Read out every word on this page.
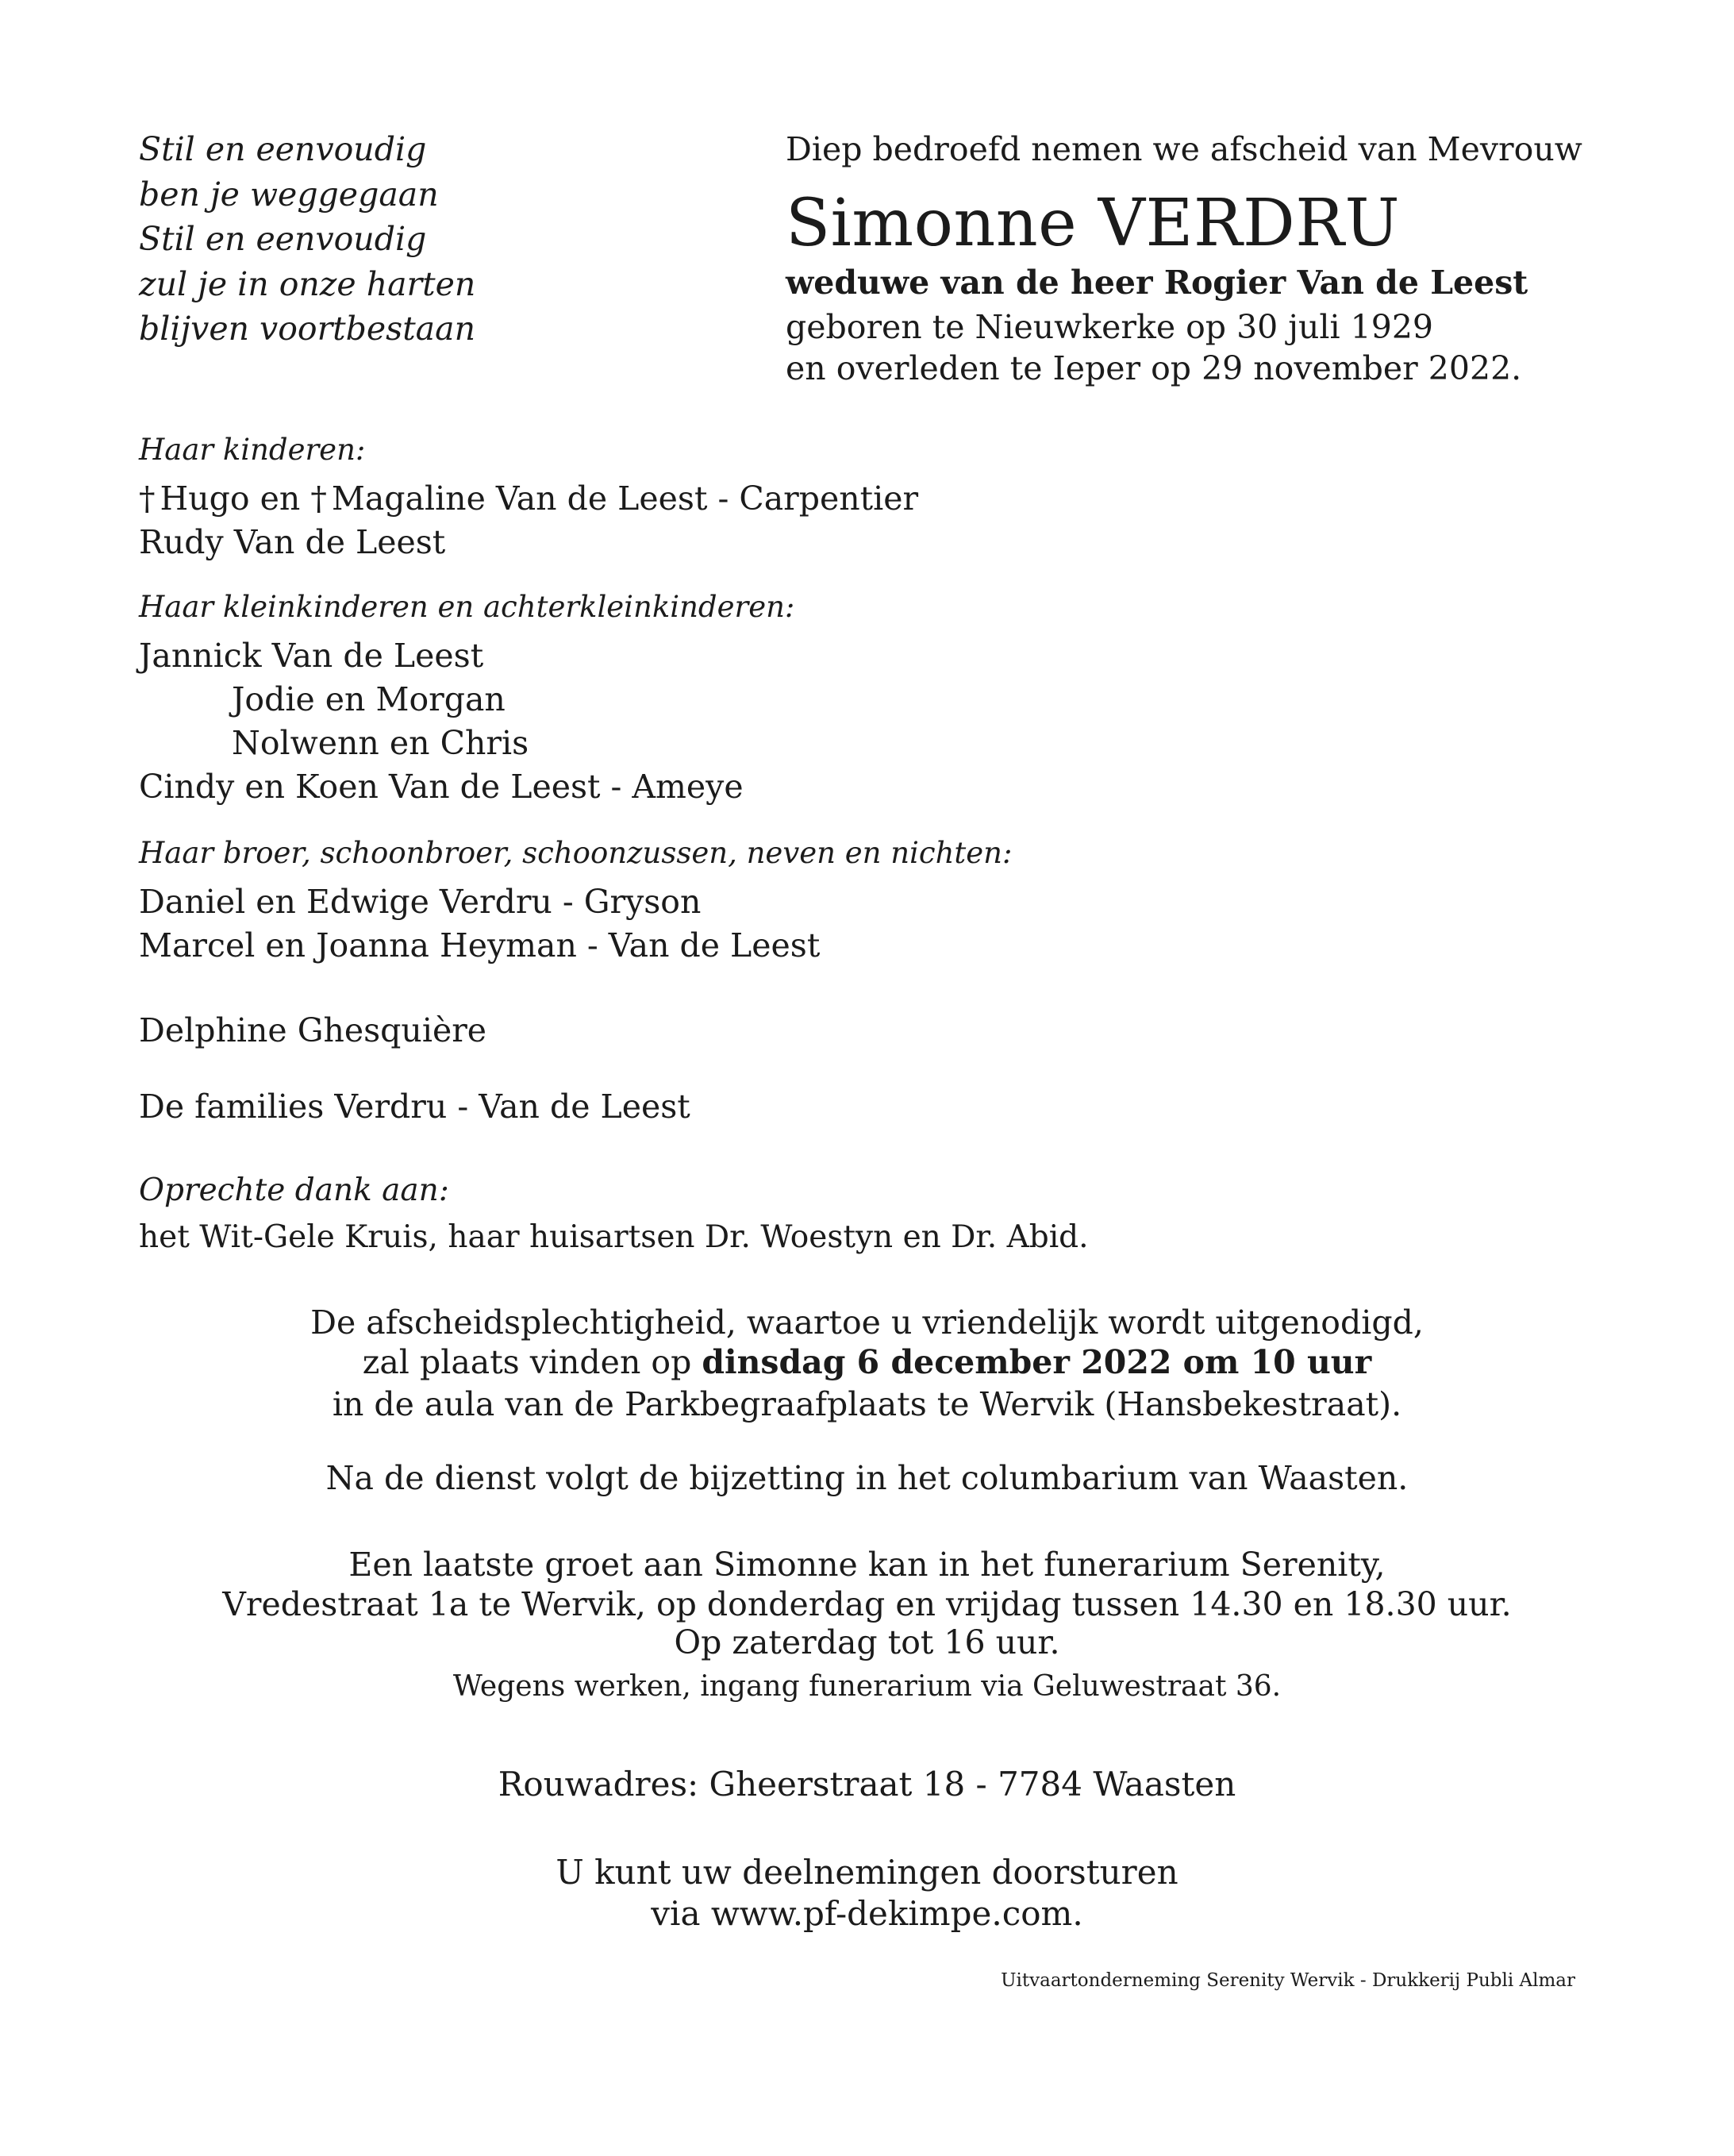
Stil en eenvoudig
ben je weggegaan
Stil en eenvoudig
zul je in onze harten
blijven voortbestaan
Diep bedroefd nemen we afscheid van Mevrouw
Simonne VERDRU
weduwe van de heer Rogier Van de Leest
geboren te Nieuwkerke op 30 juli 1929
en overleden te Ieper op 29 november 2022.
Haar kinderen:
† Hugo en † Magaline Van de Leest - Carpentier
Rudy Van de Leest
Haar kleinkinderen en achterkleinkinderen:
Jannick Van de Leest
Jodie en Morgan
Nolwenn en Chris
Cindy en Koen Van de Leest - Ameye
Haar broer, schoonbroer, schoonzussen, neven en nichten:
Daniel en Edwige Verdru - Gryson
Marcel en Joanna Heyman - Van de Leest
Delphine Ghesquière
De families Verdru - Van de Leest
Oprechte dank aan:
het Wit-Gele Kruis, haar huisartsen Dr. Woestyn en Dr. Abid.
De afscheidsplechtigheid, waartoe u vriendelijk wordt uitgenodigd,
zal plaats vinden op dinsdag 6 december 2022 om 10 uur
in de aula van de Parkbegraafplaats te Wervik (Hansbekestraat).
Na de dienst volgt de bijzetting in het columbarium van Waasten.
Een laatste groet aan Simonne kan in het funerarium Serenity,
Vredestraat 1a te Wervik, op donderdag en vrijdag tussen 14.30 en 18.30 uur.
Op zaterdag tot 16 uur.
Wegens werken, ingang funerarium via Geluwestraat 36.
Rouwadres: Gheerstraat 18 - 7784 Waasten
U kunt uw deelnemingen doorsturen
via www.pf-dekimpe.com.
Uitvaartonderneming Serenity Wervik - Drukkerij Publi Almar
